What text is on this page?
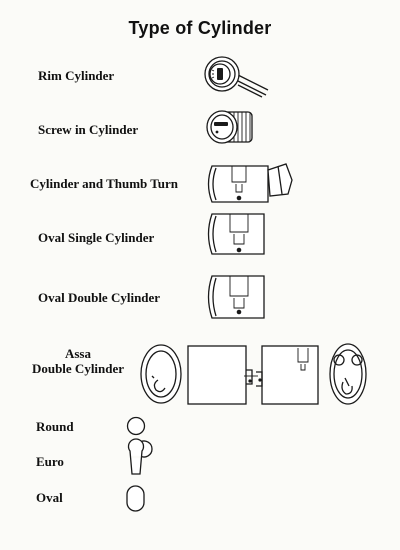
Type of Cylinder
Rim Cylinder
Screw in Cylinder
Cylinder and Thumb Turn
Oval Single Cylinder
Oval Double Cylinder
Assa
Double Cylinder
Round
Euro
Oval
